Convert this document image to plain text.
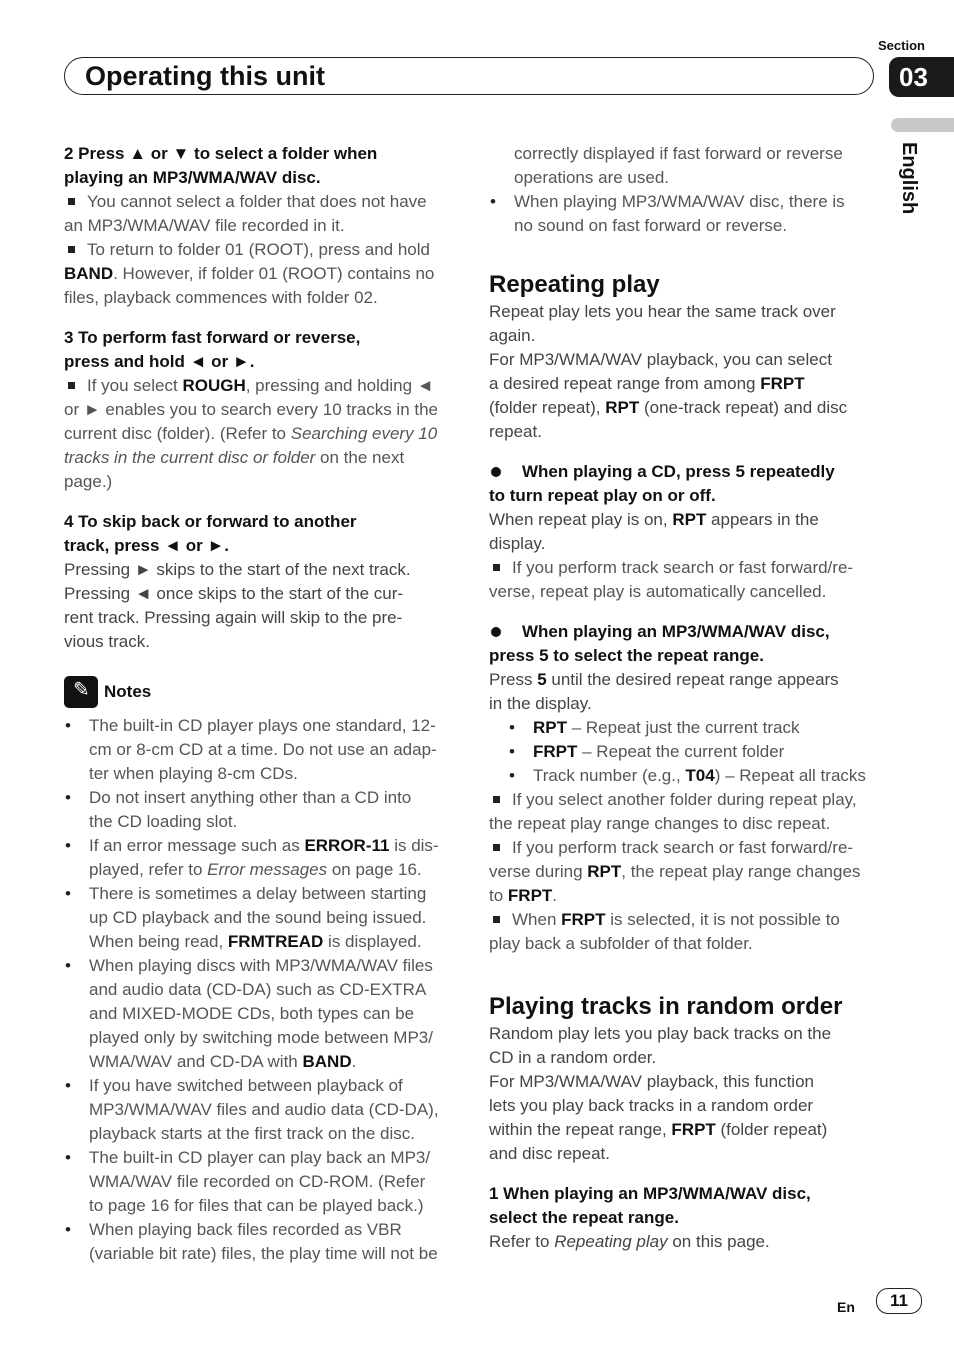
Section
03
Operating this unit
English

2 Press ▲ or ▼ to select a folder when
playing an MP3/WMA/WAV disc.

You cannot select a folder that does not have
an MP3/WMA/WAV file recorded in it.

To return to folder 01 (ROOT), press and hold
BAND. However, if folder 01 (ROOT) contains no
files, playback commences with folder 02.

3 To perform fast forward or reverse,
press and hold ◄ or ►.

If you select ROUGH, pressing and holding ◄
or ► enables you to search every 10 tracks in the
current disc (folder). (Refer to Searching every 10
tracks in the current disc or folder on the next
page.)

4 To skip back or forward to another
track, press ◄ or ►.

Pressing ► skips to the start of the next track.
Pressing ◄ once skips to the start of the cur-
rent track. Pressing again will skip to the pre-
vious track.

✎ Notes
• The built-in CD player plays one standard, 12-
cm or 8-cm CD at a time. Do not use an adap-
ter when playing 8-cm CDs.
• Do not insert anything other than a CD into
the CD loading slot.
• If an error message such as ERROR-11 is dis-
played, refer to Error messages on page 16.
• There is sometimes a delay between starting
up CD playback and the sound being issued.
When being read, FRMTREAD is displayed.
• When playing discs with MP3/WMA/WAV files
and audio data (CD-DA) such as CD-EXTRA
and MIXED-MODE CDs, both types can be
played only by switching mode between MP3/
WMA/WAV and CD-DA with BAND.
• If you have switched between playback of
MP3/WMA/WAV files and audio data (CD-DA),
playback starts at the first track on the disc.
• The built-in CD player can play back an MP3/
WMA/WAV file recorded on CD-ROM. (Refer
to page 16 for files that can be played back.)
• When playing back files recorded as VBR
(variable bit rate) files, the play time will not be
correctly displayed if fast forward or reverse
operations are used.
• When playing MP3/WMA/WAV disc, there is
no sound on fast forward or reverse.
Repeating play

Repeat play lets you hear the same track over
again.
For MP3/WMA/WAV playback, you can select
a desired repeat range from among FRPT
(folder repeat), RPT (one-track repeat) and disc
repeat.

When playing a CD, press 5 repeatedly
to turn repeat play on or off.

When repeat play is on, RPT appears in the
display.

If you perform track search or fast forward/re-
verse, repeat play is automatically cancelled.

When playing an MP3/WMA/WAV disc,
press 5 to select the repeat range.

Press 5 until the desired repeat range appears
in the display.

• RPT – Repeat just the current track
• FRPT – Repeat the current folder
• Track number (e.g., T04) – Repeat all tracks

If you select another folder during repeat play,
the repeat play range changes to disc repeat.

If you perform track search or fast forward/re-
verse during RPT, the repeat play range changes
to FRPT.

When FRPT is selected, it is not possible to
play back a subfolder of that folder.

Playing tracks in random order

Random play lets you play back tracks on the
CD in a random order.
For MP3/WMA/WAV playback, this function
lets you play back tracks in a random order
within the repeat range, FRPT (folder repeat)
and disc repeat.

1 When playing an MP3/WMA/WAV disc,
select the repeat range.

Refer to Repeating play on this page.

En	11
